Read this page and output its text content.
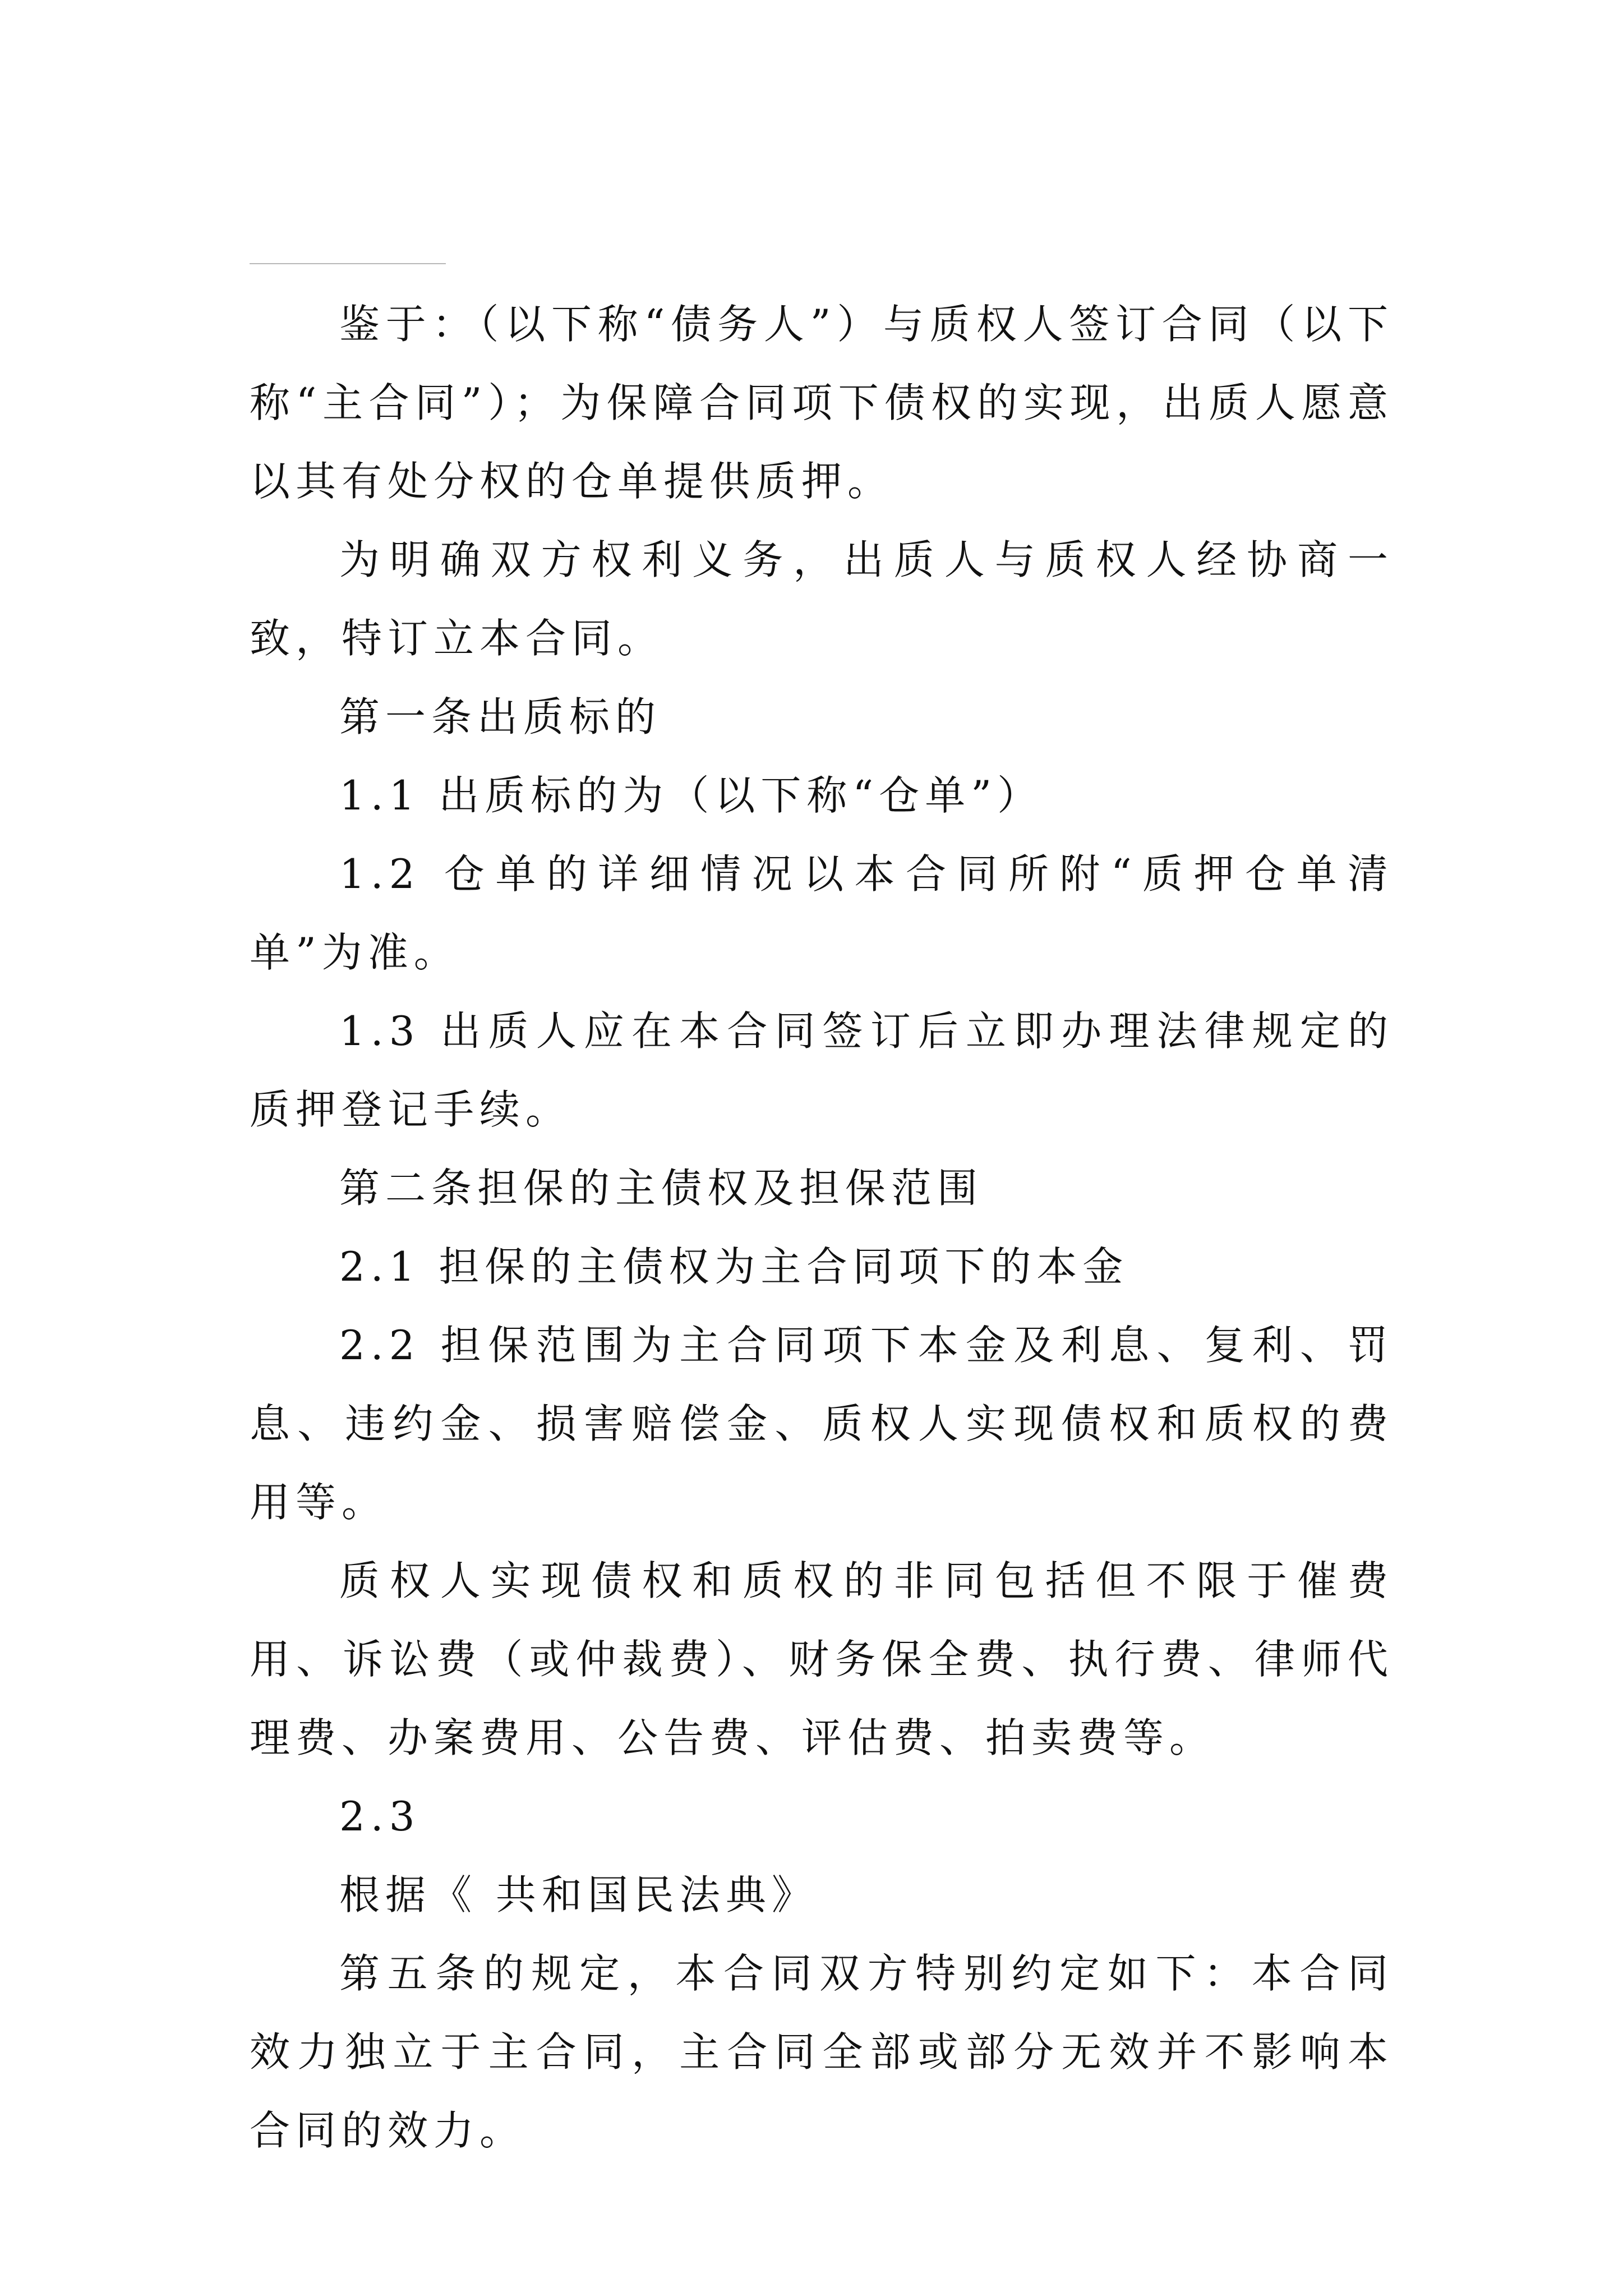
鉴于：（以下称“债务人”）与质权人签订合同（以下称“主合同”）；为保障合同项下债权的实现，出质人愿意以其有处分权的仓单提供质押。

为明确双方权利义务，出质人与质权人经协商一致，特订立本合同。

第一条出质标的

1.1 出质标的为（以下称“仓单”）

1.2 仓单的详细情况以本合同所附“质押仓单清单”为准。

1.3 出质人应在本合同签订后立即办理法律规定的质押登记手续。

第二条担保的主债权及担保范围

2.1 担保的主债权为主合同项下的本金

2.2 担保范围为主合同项下本金及利息、复利、罚息、违约金、损害赔偿金、质权人实现债权和质权的费用等。

质权人实现债权和质权的非同包括但不限于催费用、诉讼费（或仲裁费）、财务保全费、执行费、律师代理费、办案费用、公告费、评估费、拍卖费等。

2.3

根据《 共和国民法典》

第五条的规定，本合同双方特别约定如下：本合同效力独立于主合同，主合同全部或部分无效并不影响本合同的效力。
